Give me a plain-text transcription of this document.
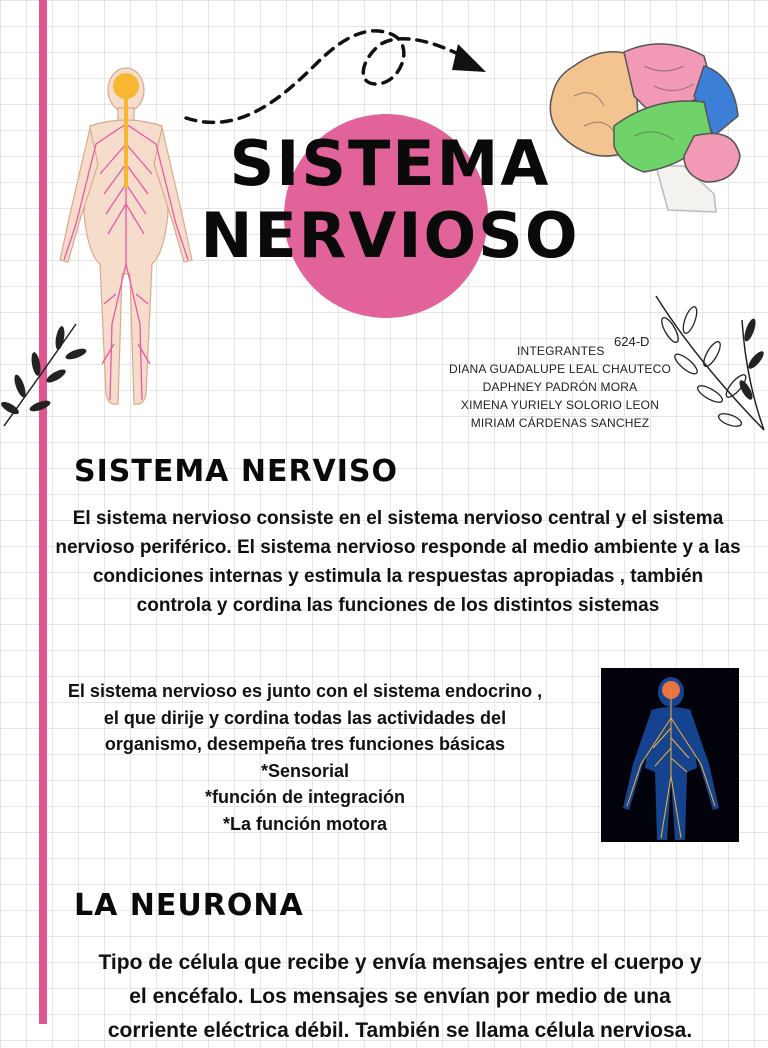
SISTEMA
NERVIOSO
624-D
INTEGRANTES
DIANA GUADALUPE LEAL CHAUTECO
DAPHNEY PADRÓN MORA
XIMENA YURIELY SOLORIO LEON
MIRIAM CÁRDENAS SANCHEZ
SISTEMA NERVISO

El sistema nervioso consiste en el sistema nervioso central y el sistema nervioso periférico. El sistema nervioso responde al medio ambiente y a las condiciones internas y estimula la respuestas apropiadas , también controla y cordina las funciones de los distintos sistemas

El sistema nervioso es junto con el sistema endocrino ,
el que dirije y cordina todas las actividades del
organismo, desempeña tres funciones básicas
*Sensorial
*función de integración
*La función motora

LA NEURONA

Tipo de célula que recibe y envía mensajes entre el cuerpo y el encéfalo. Los mensajes se envían por medio de una corriente eléctrica débil. También se llama célula nerviosa.
